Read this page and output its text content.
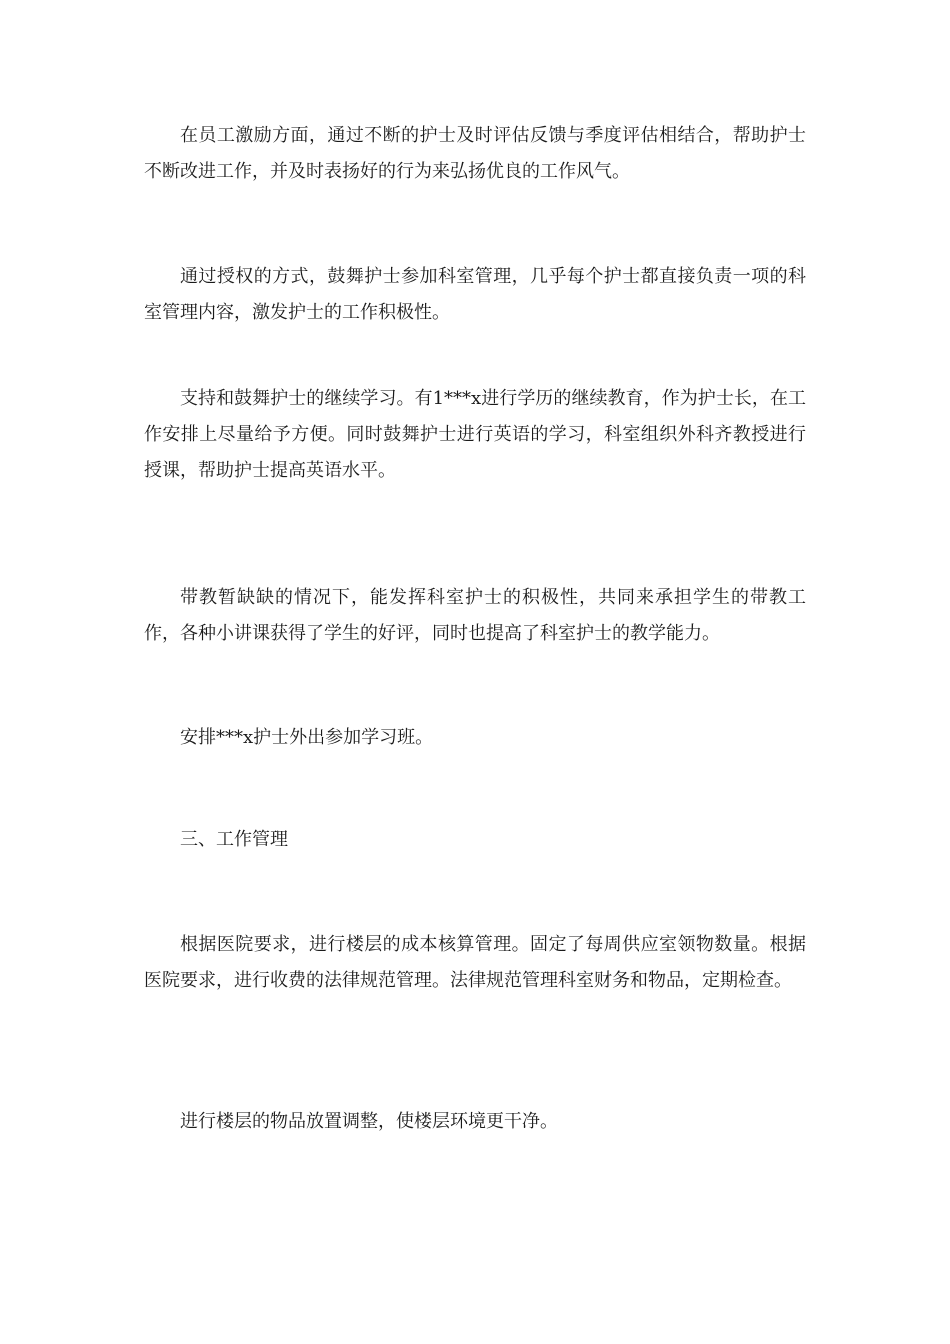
在员工激励方面，通过不断的护士及时评估反馈与季度评估相结合，帮助护士不断改进工作，并及时表扬好的行为来弘扬优良的工作风气。

通过授权的方式，鼓舞护士参加科室管理，几乎每个护士都直接负责一项的科室管理内容，激发护士的工作积极性。

支持和鼓舞护士的继续学习。有1***x进行学历的继续教育，作为护士长，在工作安排上尽量给予方便。同时鼓舞护士进行英语的学习，科室组织外科齐教授进行授课，帮助护士提高英语水平。

带教暂缺缺的情况下，能发挥科室护士的积极性，共同来承担学生的带教工作，各种小讲课获得了学生的好评，同时也提高了科室护士的教学能力。

安排***x护士外出参加学习班。

三、工作管理

根据医院要求，进行楼层的成本核算管理。固定了每周供应室领物数量。根据医院要求，进行收费的法律规范管理。法律规范管理科室财务和物品，定期检查。

进行楼层的物品放置调整，使楼层环境更干净。
